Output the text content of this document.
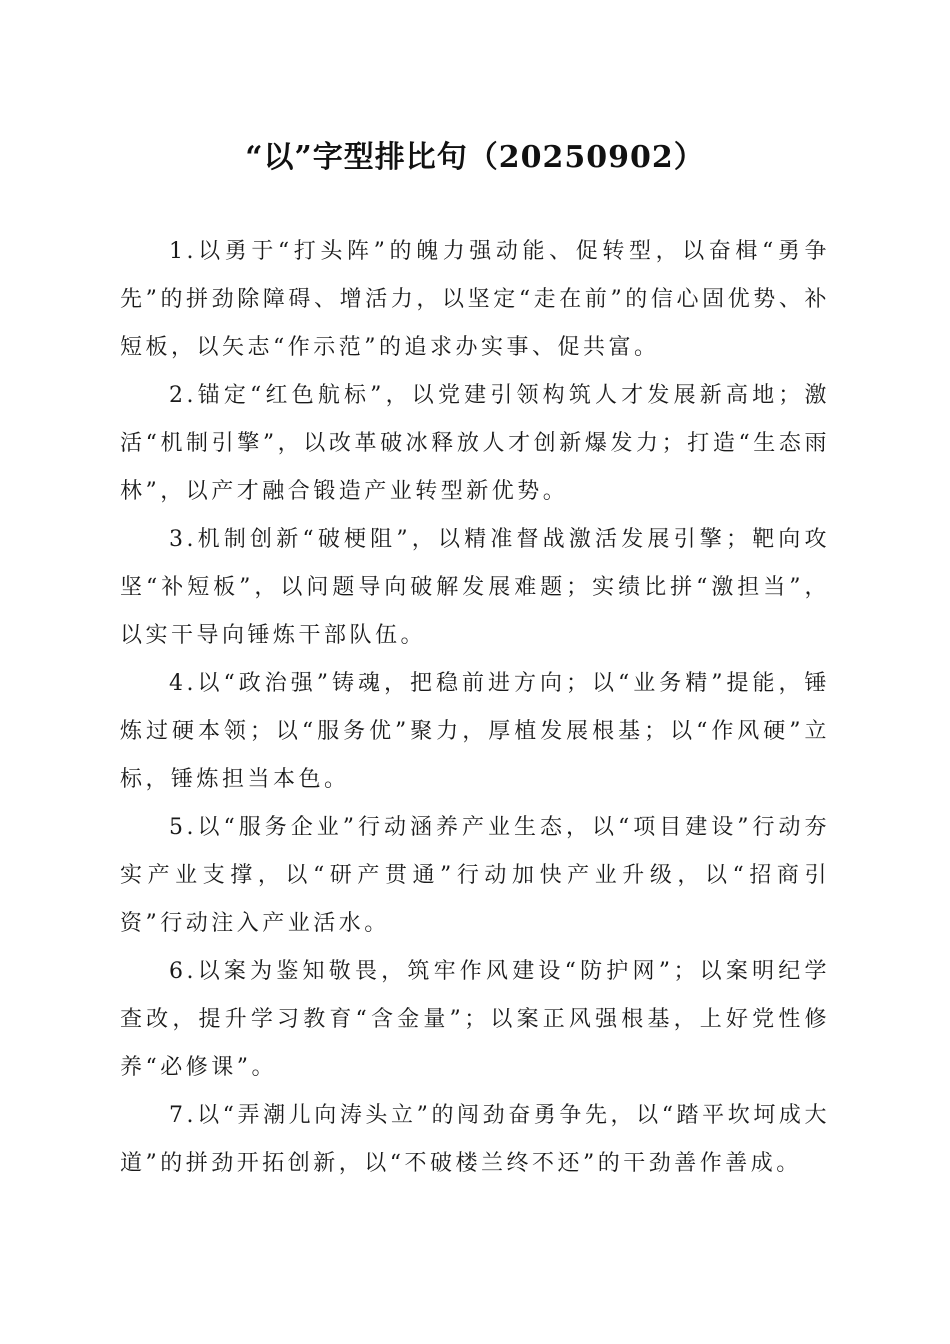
“以”字型排比句（20250902）

1.以勇于“打头阵”的魄力强动能、促转型，以奋楫“勇争先”的拼劲除障碍、增活力，以坚定“走在前”的信心固优势、补短板，以矢志“作示范”的追求办实事、促共富。

2.锚定“红色航标”，以党建引领构筑人才发展新高地；激活“机制引擎”，以改革破冰释放人才创新爆发力；打造“生态雨林”，以产才融合锻造产业转型新优势。

3.机制创新“破梗阻”，以精准督战激活发展引擎；靶向攻坚“补短板”，以问题导向破解发展难题；实绩比拼“激担当”，以实干导向锤炼干部队伍。

4.以“政治强”铸魂，把稳前进方向；以“业务精”提能，锤炼过硬本领；以“服务优”聚力，厚植发展根基；以“作风硬”立标，锤炼担当本色。

5.以“服务企业”行动涵养产业生态，以“项目建设”行动夯实产业支撑，以“研产贯通”行动加快产业升级，以“招商引资”行动注入产业活水。

6.以案为鉴知敬畏，筑牢作风建设“防护网”；以案明纪学查改，提升学习教育“含金量”；以案正风强根基，上好党性修养“必修课”。

7.以“弄潮儿向涛头立”的闯劲奋勇争先，以“踏平坎坷成大道”的拼劲开拓创新，以“不破楼兰终不还”的干劲善作善成。
